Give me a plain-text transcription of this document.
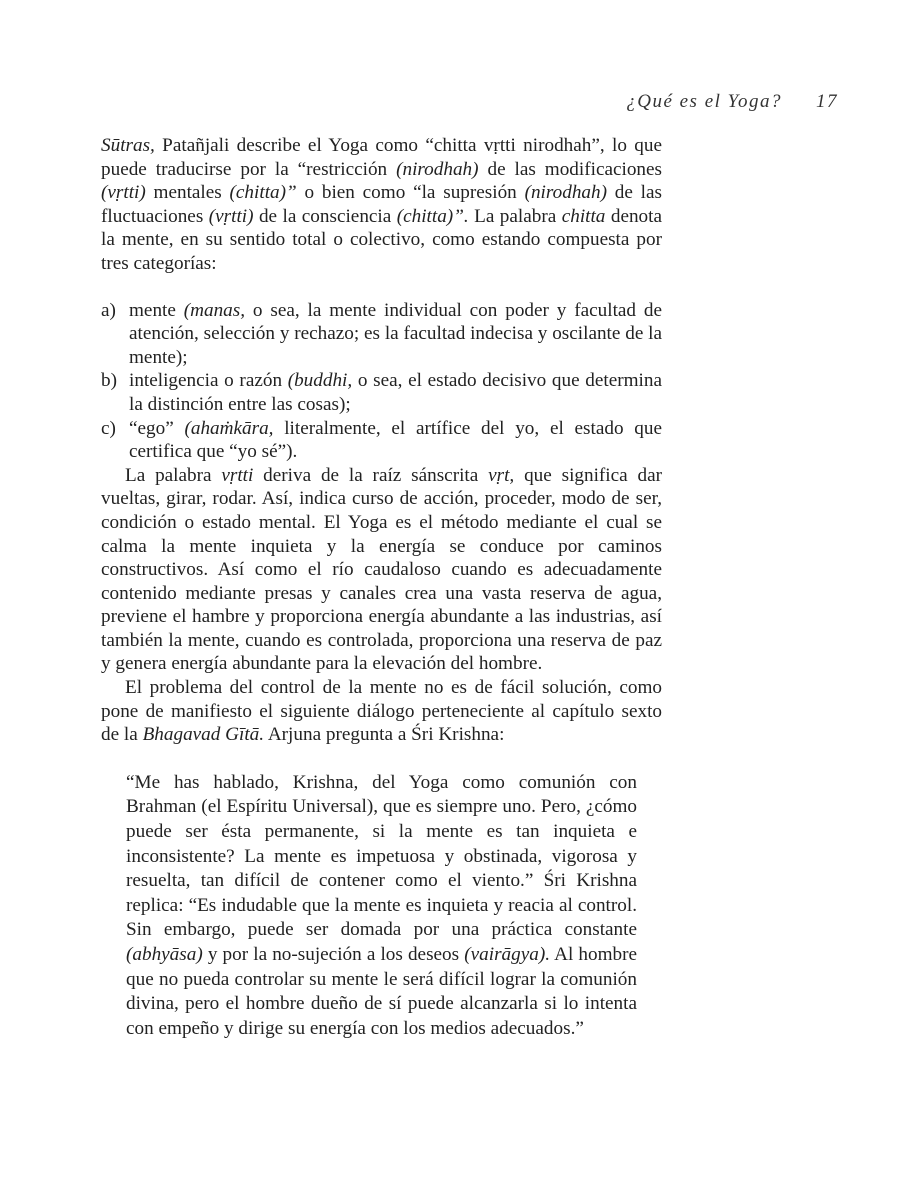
¿Qué es el Yoga? 17

Sūtras, Patañjali describe el Yoga como “chitta vṛtti nirodhah”, lo que puede traducirse por la “restricción (nirodhah) de las modificaciones (vṛtti) mentales (chitta)” o bien como “la supresión (nirodhah) de las fluctuaciones (vṛtti) de la consciencia (chitta)”. La palabra chitta denota la mente, en su sentido total o colectivo, como estando compuesta por tres categorías:

a) mente (manas, o sea, la mente individual con poder y facultad de atención, selección y rechazo; es la facultad indecisa y oscilante de la mente);
b) inteligencia o razón (buddhi, o sea, el estado decisivo que determina la distinción entre las cosas);
c) “ego” (ahaṁkāra, literalmente, el artífice del yo, el estado que certifica que “yo sé”).

La palabra vṛtti deriva de la raíz sánscrita vṛt, que significa dar vueltas, girar, rodar. Así, indica curso de acción, proceder, modo de ser, condición o estado mental. El Yoga es el método mediante el cual se calma la mente inquieta y la energía se conduce por caminos constructivos. Así como el río caudaloso cuando es adecuadamente contenido mediante presas y canales crea una vasta reserva de agua, previene el hambre y proporciona energía abundante a las industrias, así también la mente, cuando es controlada, proporciona una reserva de paz y genera energía abundante para la elevación del hombre.

El problema del control de la mente no es de fácil solución, como pone de manifiesto el siguiente diálogo perteneciente al capítulo sexto de la Bhagavad Gītā. Arjuna pregunta a Śri Krishna:

“Me has hablado, Krishna, del Yoga como comunión con Brahman (el Espíritu Universal), que es siempre uno. Pero, ¿cómo puede ser ésta permanente, si la mente es tan inquieta e inconsistente? La mente es impetuosa y obstinada, vigorosa y resuelta, tan difícil de contener como el viento.” Śri Krishna replica: “Es indudable que la mente es inquieta y reacia al control. Sin embargo, puede ser domada por una práctica constante (abhyāsa) y por la no-sujeción a los deseos (vairāgya). Al hombre que no pueda controlar su mente le será difícil lograr la comunión divina, pero el hombre dueño de sí puede alcanzarla si lo intenta con empeño y dirige su energía con los medios adecuados.”
